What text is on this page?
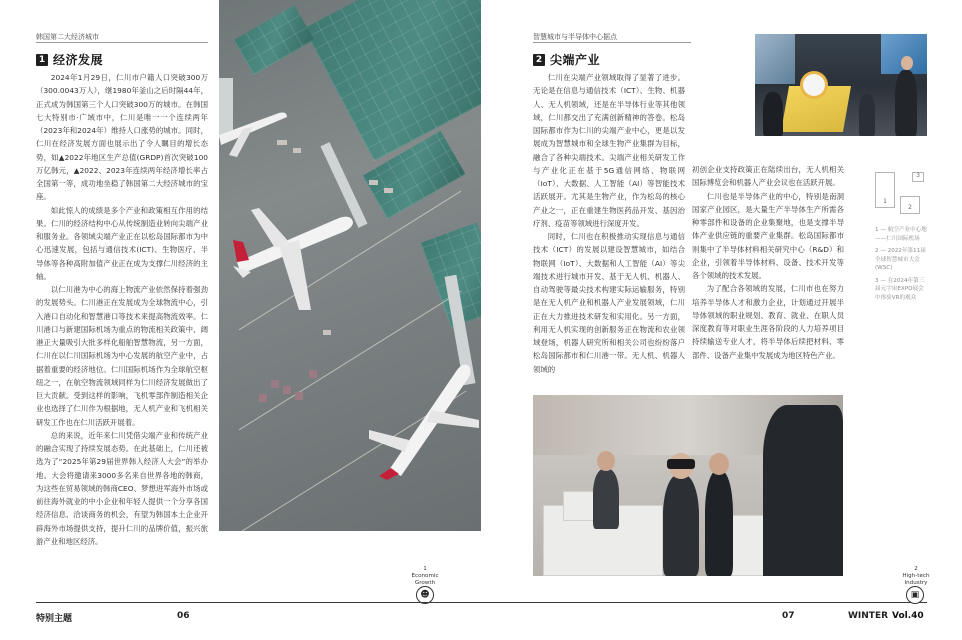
韩国第二大经济城市
1 经济发展

2024年1月29日，仁川市户籍人口突破300万（300.0043万人），继1980年釜山之后时隔44年，正式成为韩国第三个人口突破300万的城市。在韩国七大特别市·广域市中，仁川是唯一一个连续两年（2023年和2024年）维持人口涨势的城市。同时，仁川在经济发展方面也展示出了令人瞩目的增长态势，如▲2022年地区生产总值(GRDP)首次突破100万亿韩元，▲2022、2023年连续两年经济增长率占全国第一等，成功地坐稳了韩国第二大经济城市的宝座。

如此惊人的成绩是多个产业和政策相互作用的结果。仁川的经济结构中心从传统制造业转向尖端产业和服务业。各领域尖端产业正在以松岛国际都市为中心迅速发展，包括与通信技术(ICT)、生物医疗、半导体等各种高附加值产业正在成为支撑仁川经济的主轴。

以仁川港为中心的海上物流产业依然保持着强劲的发展势头。仁川港正在发展成为全球物流中心，引入港口自动化和智慧港口等技术来提高物流效率。仁川港口与新建国际机场为重点的物流相关政策中、阔港正大量吸引大批多样化船舶智慧物流，另一方面，仁川在以仁川国际机场为中心发展的航空产业中，占据着重要的经济地位。仁川国际机场作为全球航空枢纽之一，在航空物流领域同样为仁川经济发展做出了巨大贡献。受到这样的影响，飞机零部件制造相关企业也选择了仁川作为根据地，无人机产业和飞机相关研发工作也在仁川活跃开展着。

总的来说，近年来仁川凭借尖端产业和传统产业的融合实现了持续发展态势。在此基础上，仁川还被选为了“2025年第29届世界韩人经济人大会”的举办地。大会将邀请来3000多名来自世界各地的韩商，为这些在贸易领域的韩商CEO、梦想进军海外市场或前往海外就业的中小企业和年轻人提供一个分享各国经济信息、洽谈商务的机会，有望为韩国本土企业开辟海外市场提供支持，提升仁川的品牌价值，振兴旅游产业和地区经济。

1
Economic
Growth
☻
特别主题	06
智慧城市与半导体中心据点
2 尖端产业

仁川在尖端产业领域取得了显著了进步。无论是在信息与通信技术（ICT）、生物、机器人、无人机领域，还是在半导体行业等其他领域，仁川都交出了充满创新精神的答卷。松岛国际都市作为仁川的尖端产业中心，更是以发展成为智慧城市和全球生物产业集群为目标，融合了各种尖端技术。尖端产业相关研发工作与产业化正在基于5G通信网络、物联网（IoT）、大数据、人工智能（AI）等智能技术活跃展开。尤其是生物产业，作为松岛的核心产业之一，正在重建生物医药品开发、基因治疗剂、疫苗等领域进行深度开发。

同时，仁川也在积极推动实现信息与通信技术（ICT）的发展以建设智慧城市，如结合物联网（IoT）、大数据和人工智能（AI）等尖端技术进行城市开发、基于无人机、机器人、自动驾驶等最尖技术构建实际运输服务，特别是在无人机产业和机器人产业发展领域，仁川正在大力推进技术研发和实用化。另一方面，利用无人机实现的创新服务正在物流和农业领域登场，机器人研究所和相关公司也纷纷落户松岛国际都市和仁川港一带。无人机、机器人领域的

初创企业支持政策正在陆续出台，无人机相关国际博览会和机器人产业会议也在活跃开展。

仁川也是半导体产业的中心，特别是南洞国家产业园区，是大量生产半导体生产所需各种零部件和设备的企业集聚地，也是支撑半导体产业供应链的重要产业集群。松岛国际都市则集中了半导体材料相关研究中心（R&D）和企业，引领着半导体材料、设备、技术开发等各个领域的技术发展。

为了配合各领域的发展，仁川市也在努力培养半导体人才和激力企业，计划通过开展半导体领域的职业规划、教育、就业、在职人员深度教育等对职业生涯各阶段的人力培养项目持续输送专业人才，将半导体后续把材料、零部件、设备产业集中发展成为地区特色产业。

1
2
3
1 — 航空产业中心地——仁川国际机场
2 — 2022年第11届全球智慧城市大会(WSC)
3 — 在2024年第三届元宇宙EXPO展会中体验VR的观众
2
High-tech
Industry
▣
07	WINTER Vol.40
